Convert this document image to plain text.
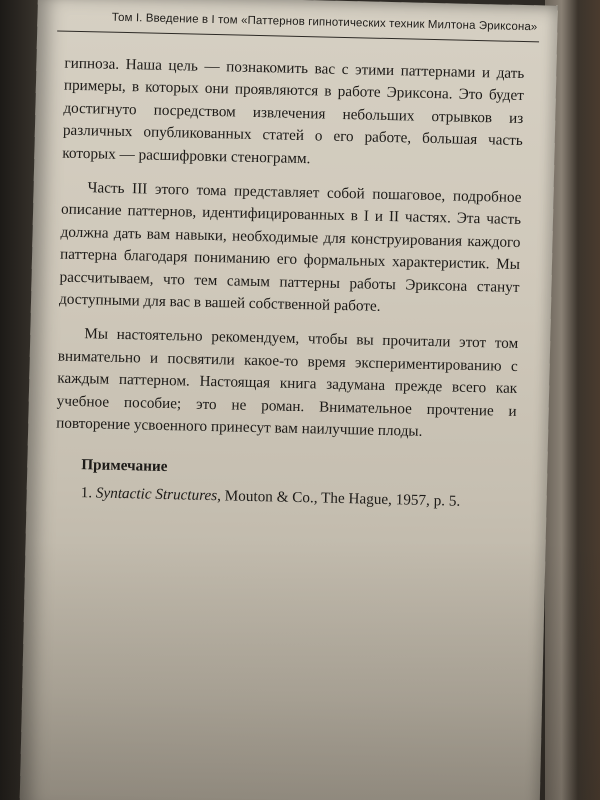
Том I. Введение в I том «Паттернов гипнотических техник Милтона Эриксона»

гипноза. Наша цель — познакомить вас с этими паттернами и дать примеры, в которых они проявляются в работе Эриксона. Это будет достигнуто посредством извлечения небольших отрывков из различных опубликованных статей о его работе, большая часть которых — расшифровки стенограмм.

Часть III этого тома представляет собой пошаговое, подробное описание паттернов, идентифицированных в I и II частях. Эта часть должна дать вам навыки, необходимые для конструирования каждого паттерна благодаря пониманию его формальных характеристик. Мы рассчитываем, что тем самым паттерны работы Эриксона станут доступными для вас в вашей собственной работе.

Мы настоятельно рекомендуем, чтобы вы прочитали этот том внимательно и посвятили какое-то время экспериментированию с каждым паттерном. Настоящая книга задумана прежде всего как учебное пособие; это не роман. Внимательное прочтение и повторение усвоенного принесут вам наилучшие плоды.

Примечание
1. Syntactic Structures, Mouton & Co., The Hague, 1957, p. 5.
